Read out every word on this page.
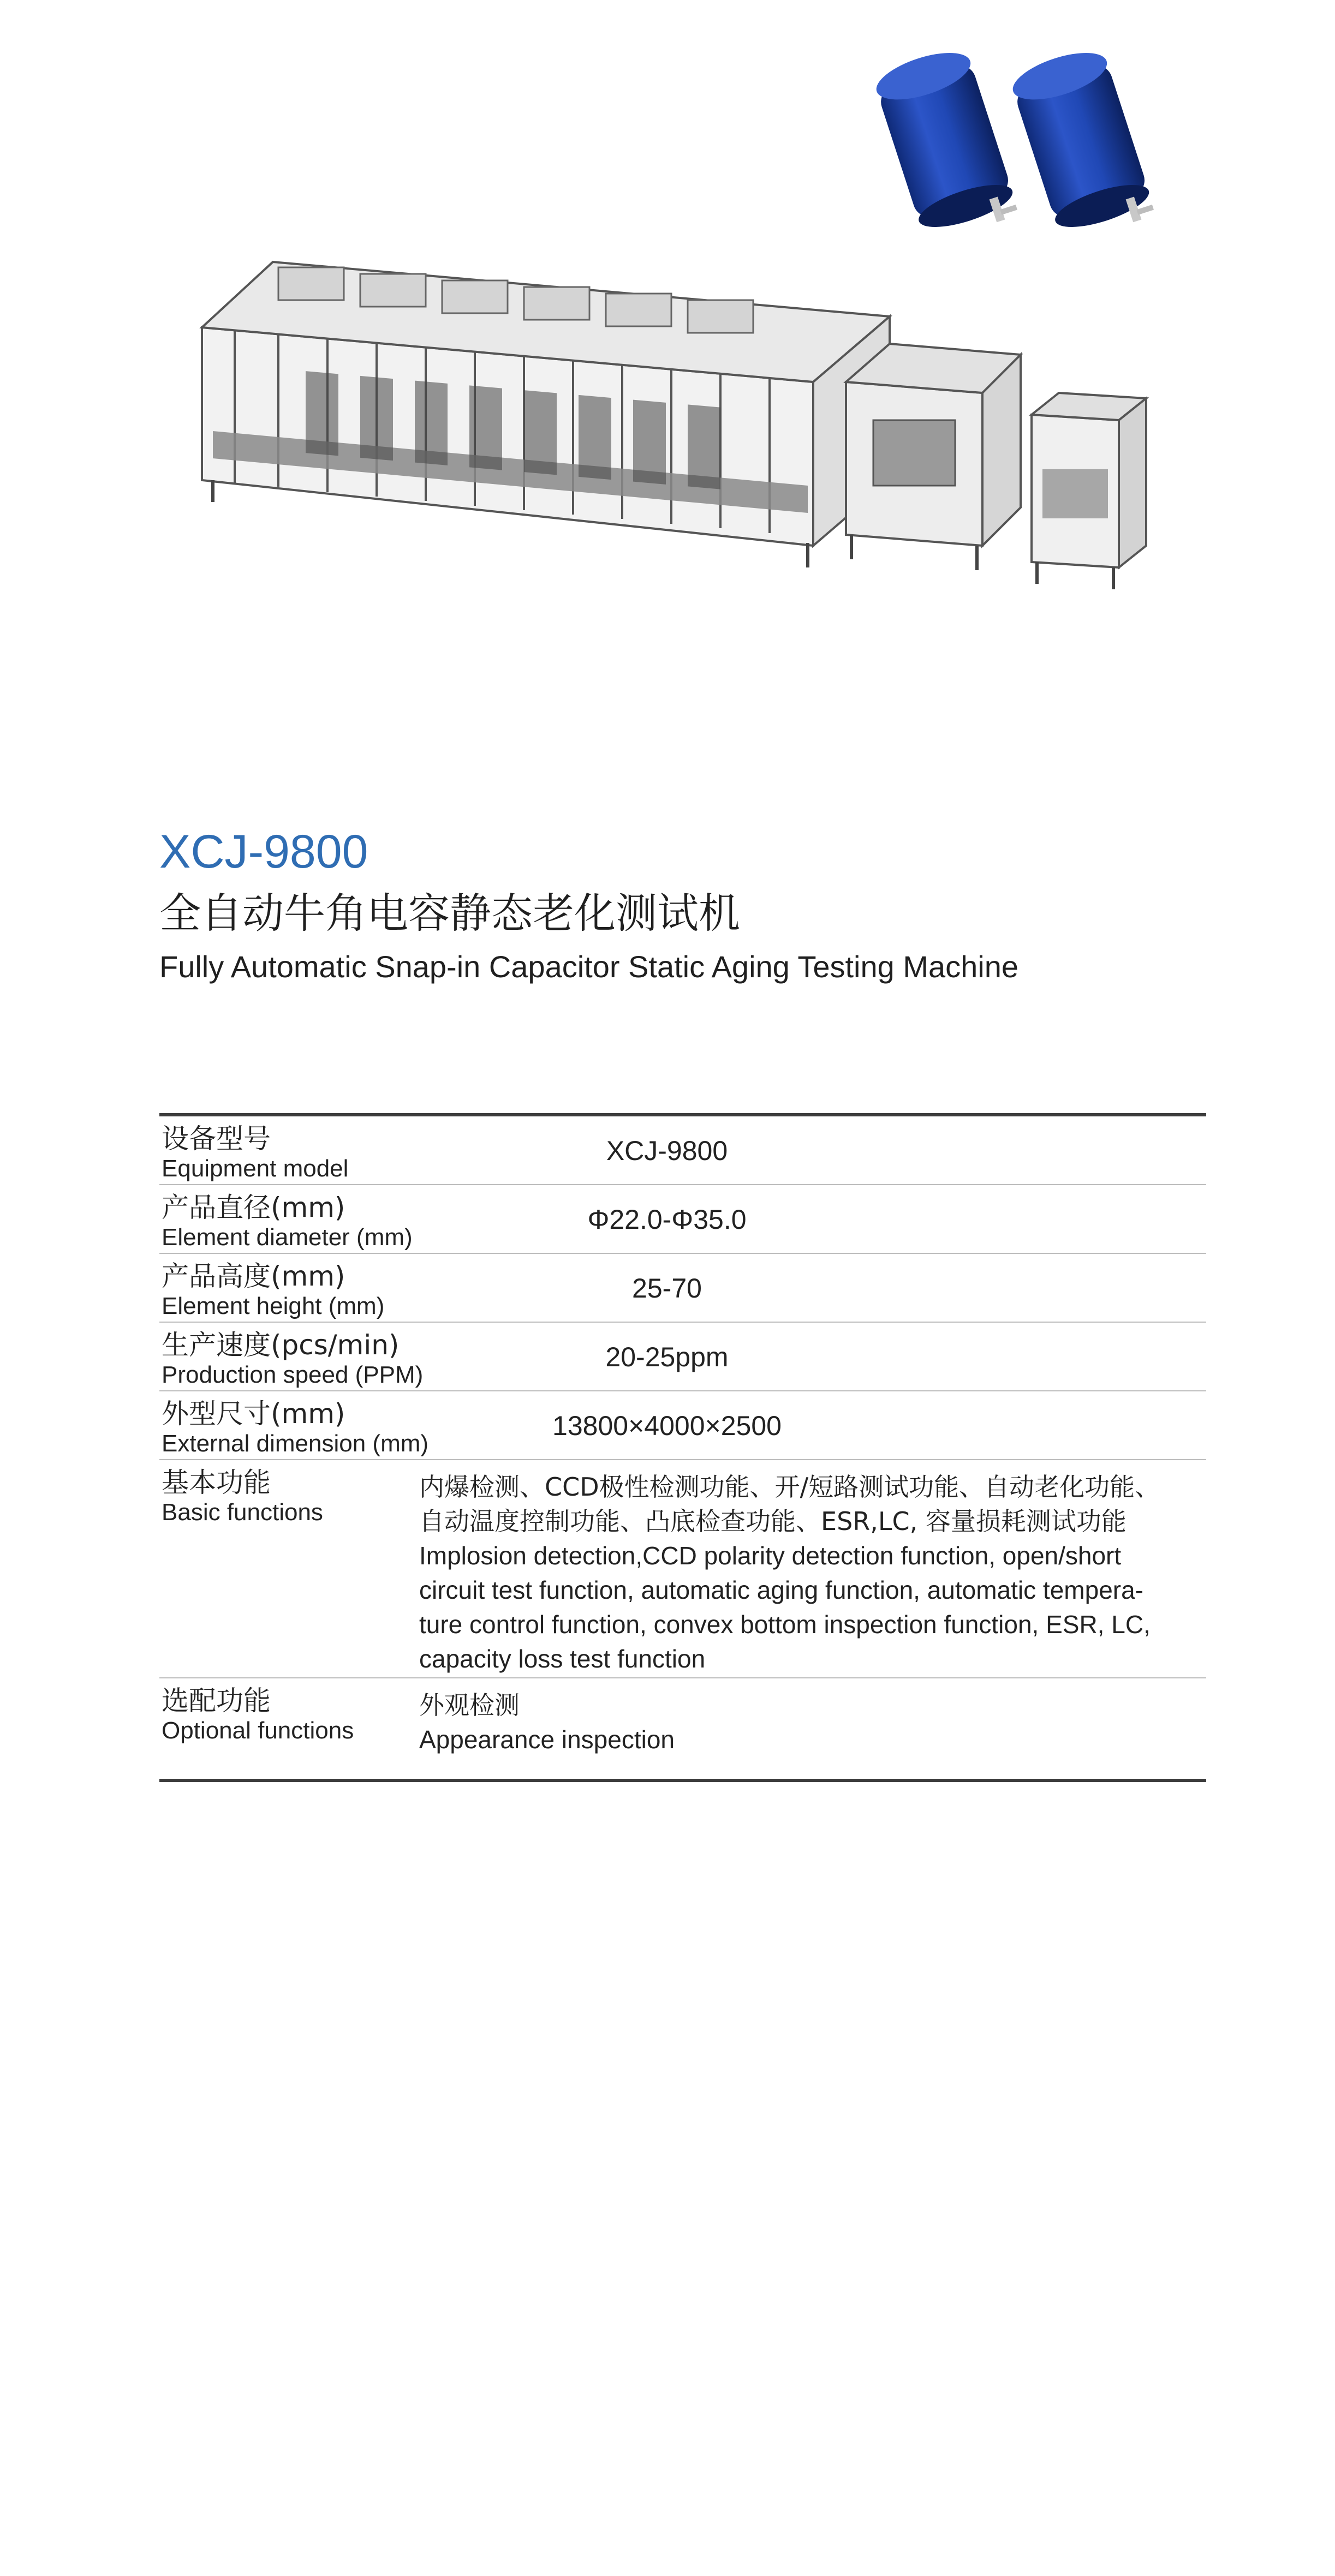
XCJ-9800
全自动牛角电容静态老化测试机
Fully Automatic Snap-in Capacitor Static Aging Testing Machine
设备型号
Equipment model
XCJ-9800
产品直径(mm)
Element diameter (mm)
Φ22.0-Φ35.0
产品高度(mm)
Element height (mm)
25-70
生产速度(pcs/min)
Production speed (PPM)
20-25ppm
外型尺寸(mm)
External dimension (mm)
13800×4000×2500
基本功能
Basic functions
内爆检测、CCD极性检测功能、开/短路测试功能、自动老化功能、
自动温度控制功能、凸底检查功能、ESR,LC, 容量损耗测试功能
Implosion detection,CCD polarity detection function, open/short
circuit test function, automatic aging function, automatic tempera-
ture control function, convex bottom inspection function, ESR, LC,
capacity loss test function
选配功能
Optional functions
外观检测
Appearance inspection
